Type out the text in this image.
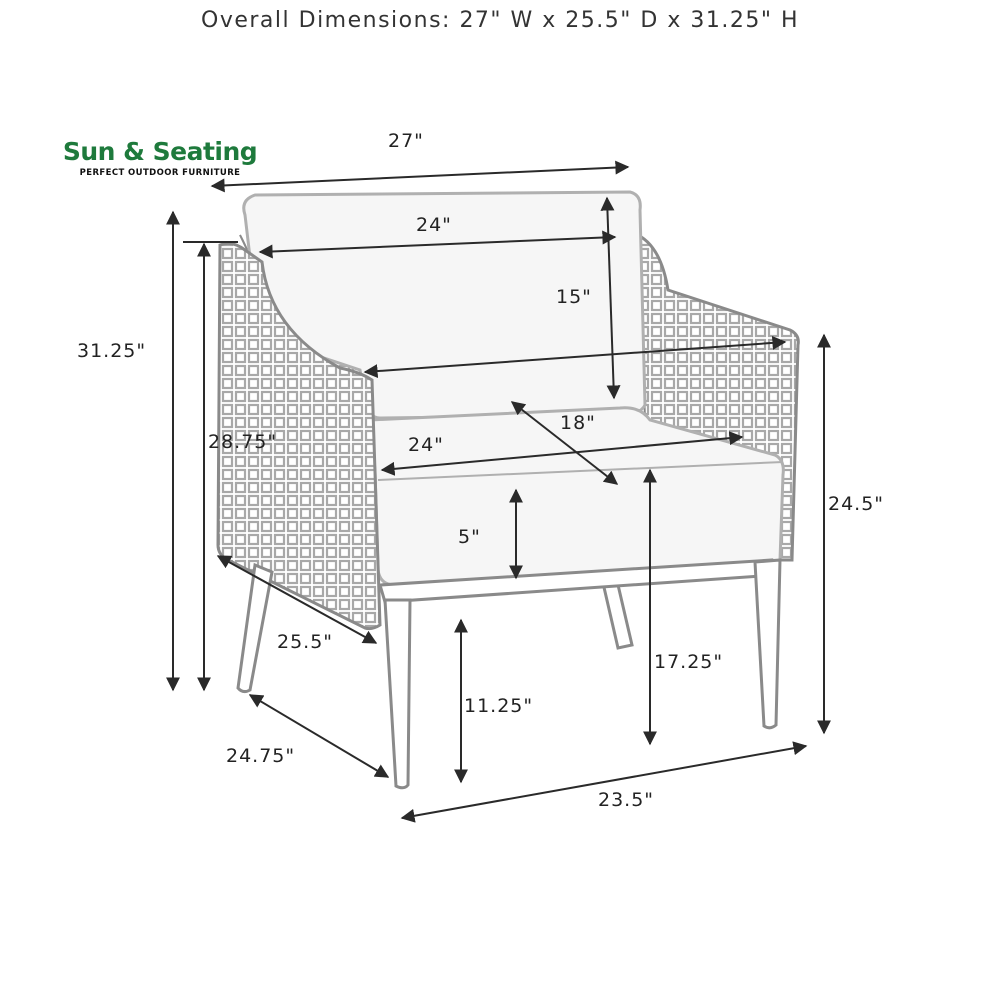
Overall Dimensions: 27" W x 25.5" D x 31.25" H
Sun & Seating
PERFECT OUTDOOR FURNITURE
27"
24"
15"
18"
24"
5"
31.25"
28.75"
24.5"
25.5"
17.25"
11.25"
24.75"
23.5"
